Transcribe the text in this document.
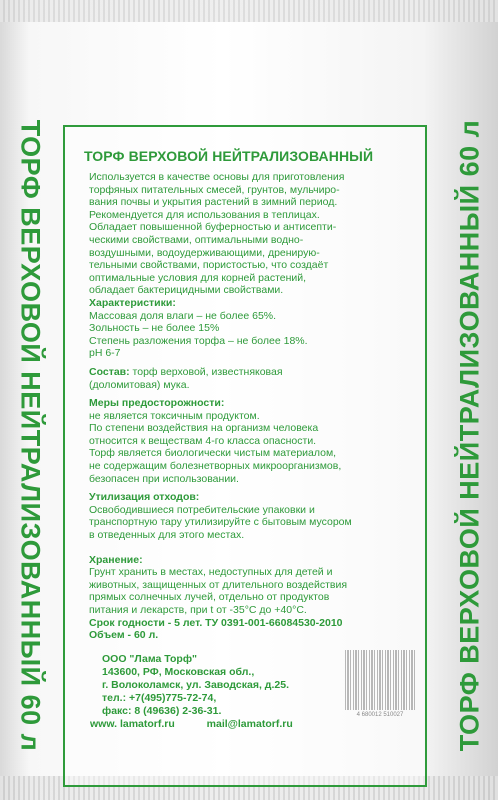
ТОРФ ВЕРХОВОЙ НЕЙТРАЛИЗОВАННЫЙ 60 л	ТОРФ ВЕРХОВОЙ НЕЙТРАЛИЗОВАННЫЙ 60 л
ТОРФ ВЕРХОВОЙ НЕЙТРАЛИЗОВАННЫЙ

Используется в качестве основы для приготовления

торфяных питательных смесей, грунтов, мульчиро-

вания почвы и укрытия растений в зимний период.

Рекомендуется для использования в теплицах.

Обладает повышенной буферностью и антисепти-

ческими свойствами, оптимальными водно-

воздушными, водоудерживающими, дренирую-

тельными свойствами, пористостью, что создаёт

оптимальные условия для корней растений,

обладает бактерицидными свойствами.

Характеристики:

Массовая доля влаги – не более 65%.

Зольность – не более 15%

Степень разложения торфа – не более 18%.

pH 6-7

Состав: торф верховой, известняковая

(доломитовая) мука.

Меры предосторожности:

не является токсичным продуктом.

По степени воздействия на организм человека

относится к веществам 4-го класса опасности.

Торф является биологически чистым материалом,

не содержащим болезнетворных микроорганизмов,

безопасен при использовании.

Утилизация отходов:

Освободившиеся потребительские упаковки и

транспортную тару утилизируйте с бытовым мусором

в отведенных для этого местах.

Хранение:

Грунт хранить в местах, недоступных для детей и

животных, защищенных от длительного воздействия

прямых солнечных лучей, отдельно от продуктов

питания и лекарств, при t от -35°С до +40°С.

Срок годности - 5 лет. ТУ 0391-001-66084530-2010

Объем - 60 л.

ООО "Лама Торф"
143600, РФ, Московская обл.,
г. Волоколамск, ул. Заводская, д.25.
тел.: +7(495)775-72-74,
факс: 8 (49636) 2-36-31.
www. lamatorf.ru	mail@lamatorf.ru
4 680012 510027
